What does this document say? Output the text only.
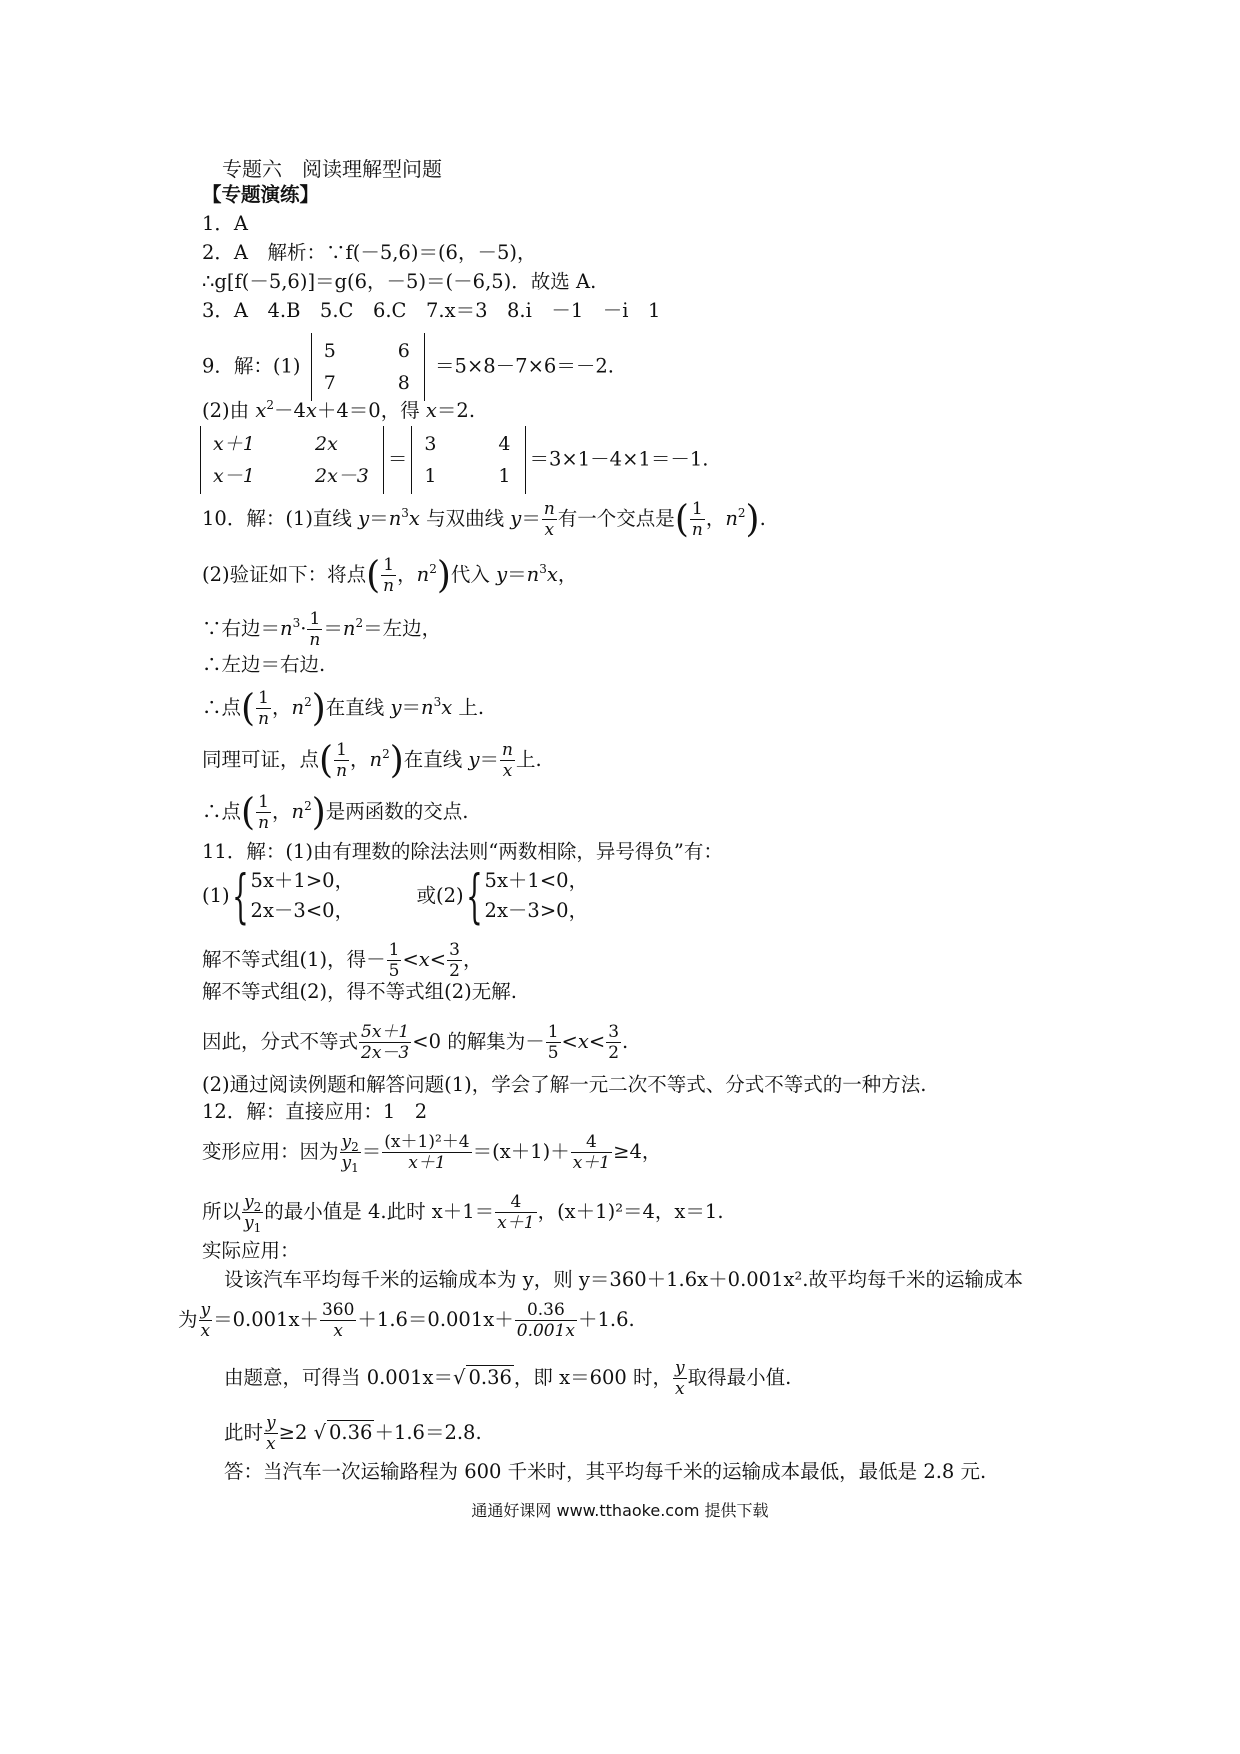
专题六　阅读理解型问题
【专题演练】
1．A
2．A　解析：∵f(－5,6)＝(6，－5)，
∴g[f(－5,6)]＝g(6，－5)＝(－6,5)．故选 A.
3．A　4.B　5.C　6.C　7.x＝3　8.i　－1　－i　1
9．解：(1)
5	6
7	8
＝5×8－7×6＝－2.
(2)由 $x^2-4x+4=0$，得 x＝2.
x＋1	2x
x－1	2x－3
＝
3	4
1	1
＝3×1－4×1＝－1.
10．解：(1)直线 $y=n^3x$ 与双曲线 $y= \frac{n}{x}$ 有一个交点是( $\frac{1}{n}$ ，$n^2$).
(2)验证如下：将点( $\frac{1}{n}$ ，$n^2$)代入 $y=n^3x$，
∵右边$=n^3\cdot \frac{1}{n} =n^2=$左边，
∴左边＝右边.
∴点( $\frac{1}{n}$ ，$n^2$)在直线 $y=n^3x$ 上.
同理可证，点( $\frac{1}{n}$ ，$n^2$)在直线 $y= \frac{n}{x}$ 上.
∴点( $\frac{1}{n}$ ，$n^2$)是两函数的交点.
11．解：(1)由有理数的除法法则“两数相除，异号得负”有：
(1){ 5x＋1>0，
2x－3<0，  或(2){ 5x＋1<0，
2x－3>0，
解不等式组(1)，得－ $\frac{1}{5} <x< \frac{3}{2}$ ，
解不等式组(2)，得不等式组(2)无解.
因此，分式不等式 $\frac{5x+1}{2x-3} <0$ 的解集为－ $\frac{1}{5} <x< \frac{3}{2}$ .
(2)通过阅读例题和解答问题(1)，学会了解一元二次不等式、分式不等式的一种方法.
12．解：直接应用：1　2
变形应用：因为 $\frac{y_2}{y_1} = \frac{\text{(x＋1)²＋4}}{x+1} =(x+1)+ \frac{4}{x+1} \ge 4$，
所以 $\frac{y_2}{y_1}$ 的最小值是 4.此时 $x+1= \frac{4}{x+1}$ ，(x＋1)²＝4，x＝1.
实际应用：
设该汽车平均每千米的运输成本为 y，则 y＝360＋1.6x＋0.001x².故平均每千米的运输成本
为 $\frac{y}{x} =0.001x+ \frac{360}{x} +1.6=0.001x+ \frac{0.36}{0.001x} +1.6$.
由题意，可得当 0.001x＝√ 0.36 ，即 x＝600 时， $\frac{y}{x}$ 取得最小值.
此时 $\frac{y}{x} \ge 2$ √ 0.36 ＋1.6＝2.8.
答：当汽车一次运输路程为 600 千米时，其平均每千米的运输成本最低，最低是 2.8 元.
通通好课网 www.tthaoke.com 提供下载
